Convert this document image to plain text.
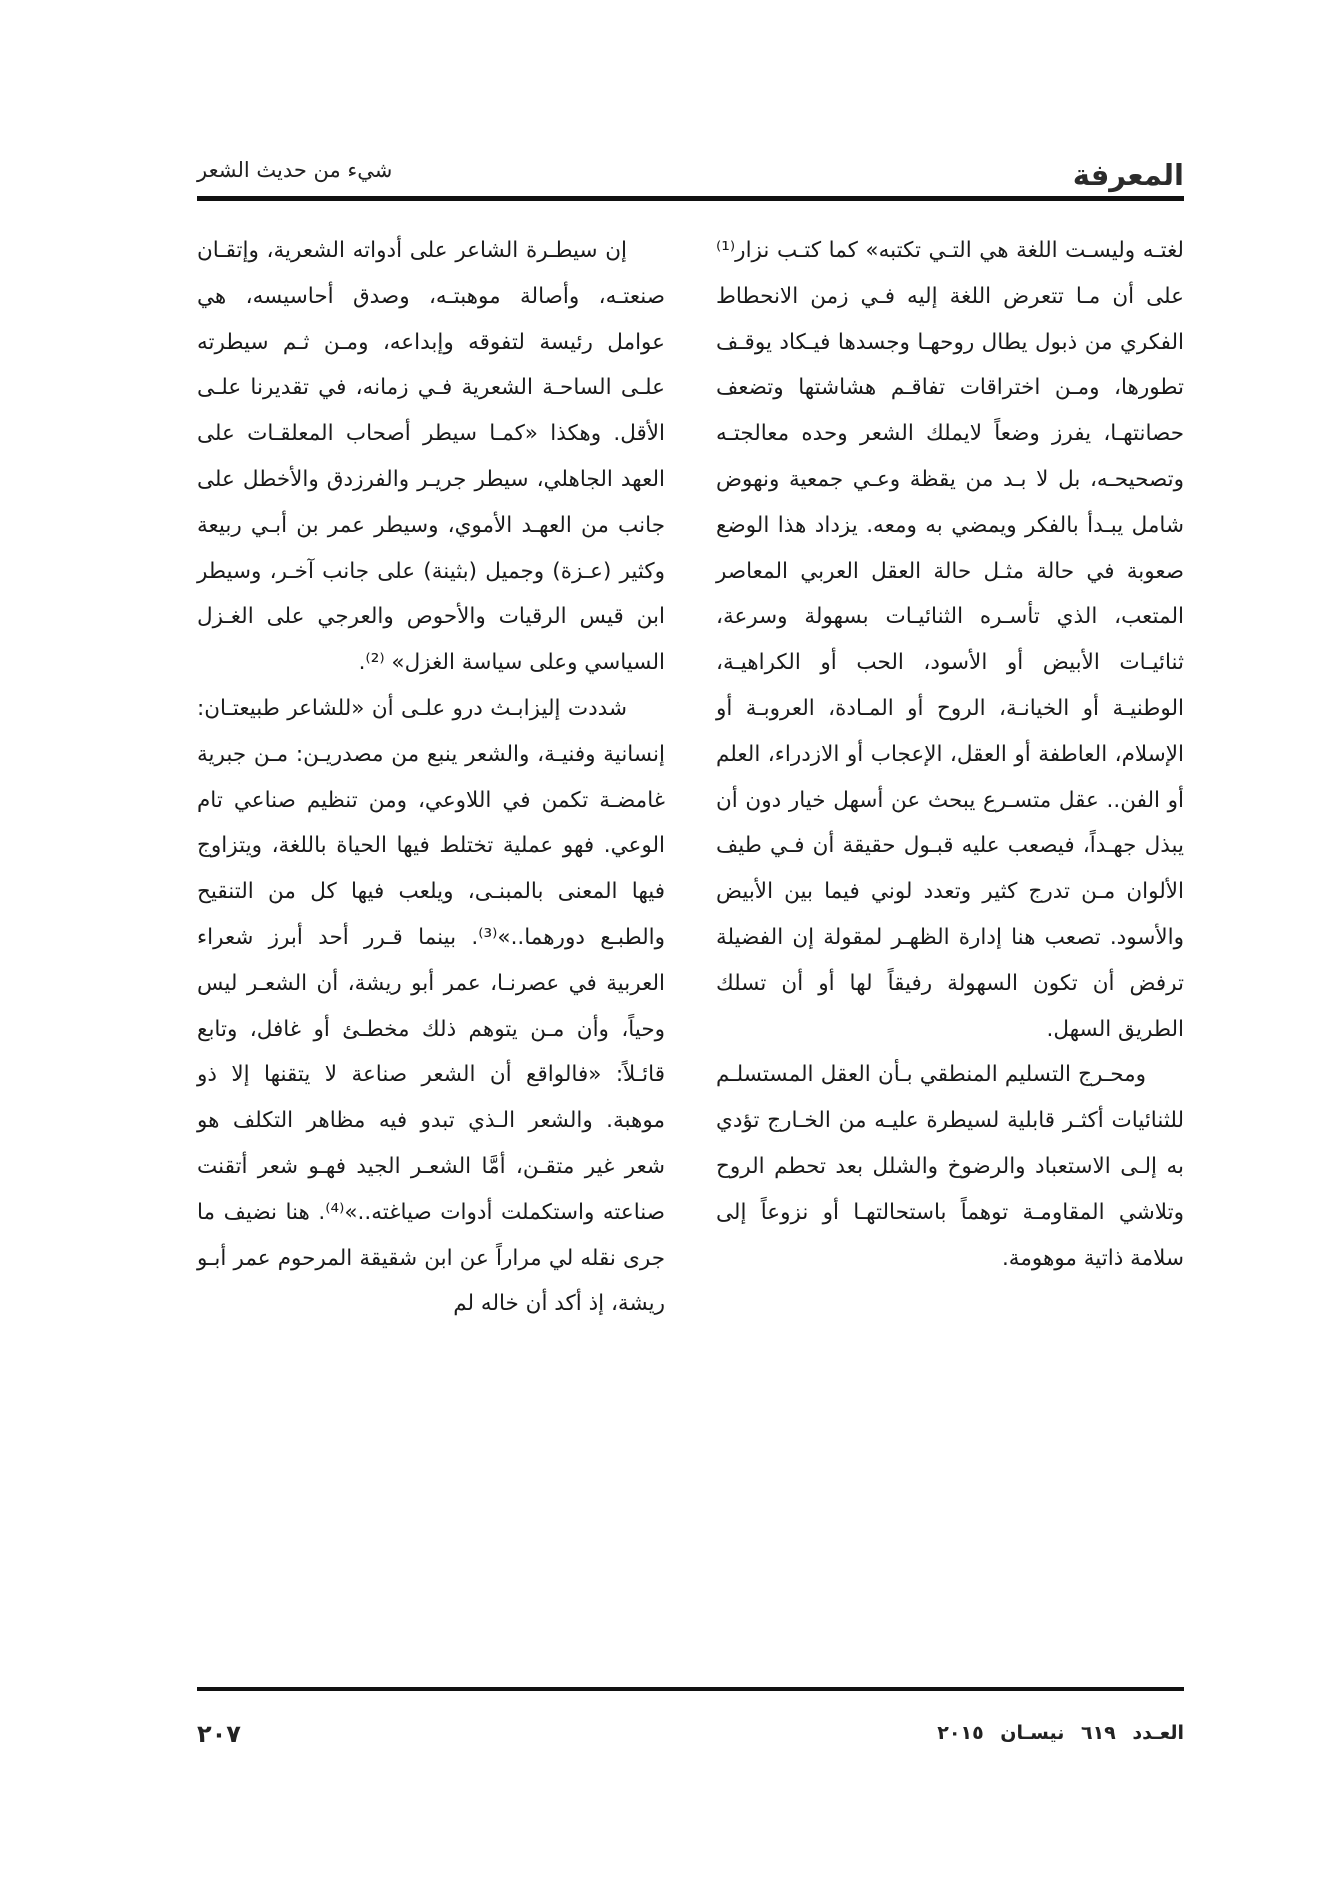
المعرفة
شيء من حديث الشعر

لغتـه وليسـت اللغة هي التـي تكتبه» كما كتـب نزار⁽¹⁾ على أن مـا تتعرض اللغة إليه فـي زمن الانحطاط الفكري من ذبول يطال روحهـا وجسدها فيـكاد يوقـف تطورها، ومـن اختراقات تفاقـم هشاشتها وتضعف حصانتهـا، يفرز وضعاً لايملك الشعر وحده معالجتـه وتصحيحـه، بل لا بـد من يقظة وعـي جمعية ونهوض شامل يبـدأ بالفكر ويمضي به ومعه. يزداد هذا الوضع صعوبة في حالة مثـل حالة العقل العربي المعاصر المتعب، الذي تأسـره الثنائيـات بسهولة وسرعة، ثنائيـات الأبيض أو الأسود، الحب أو الكراهيـة، الوطنيـة أو الخيانـة، الروح أو المـادة، العروبـة أو الإسلام، العاطفة أو العقل، الإعجاب أو الازدراء، العلم أو الفن.. عقل متسـرع يبحث عن أسهل خيار دون أن يبذل جهـداً، فيصعب عليه قبـول حقيقة أن فـي طيف الألوان مـن تدرج كثير وتعدد لوني فيما بين الأبيض والأسود. تصعب هنا إدارة الظهـر لمقولة إن الفضيلة ترفض أن تكون السهولة رفيقاً لها أو أن تسلك الطريق السهل.

ومحـرج التسليم المنطقي بـأن العقل المستسلـم للثنائيات أكثـر قابلية لسيطرة عليـه من الخـارج تؤدي به إلـى الاستعباد والرضوخ والشلل بعد تحطم الروح وتلاشي المقاومـة توهماً باستحالتهـا أو نزوعاً إلى سلامة ذاتية موهومة.

إن سيطـرة الشاعر على أدواته الشعرية، وإتقـان صنعتـه، وأصالة موهبتـه، وصدق أحاسيسه، هي عوامل رئيسة لتفوقه وإبداعه، ومـن ثـم سيطرته علـى الساحـة الشعرية فـي زمانه، في تقديرنا علـى الأقل. وهكذا «كمـا سيطر أصحاب المعلقـات على العهد الجاهلي، سيطر جريـر والفرزدق والأخطل على جانب من العهـد الأموي، وسيطر عمر بن أبـي ربيعة وكثير (عـزة) وجميل (بثينة) على جانب آخـر، وسيطر ابن قيس الرقيات والأحوص والعرجي على الغـزل السياسي وعلى سياسة الغزل» ⁽²⁾.

شددت إليزابـث درو علـى أن «للشاعر طبيعتـان: إنسانية وفنيـة، والشعر ينبع من مصدريـن: مـن جبرية غامضـة تكمن في اللاوعي، ومن تنظيم صناعي تام الوعي. فهو عملية تختلط فيها الحياة باللغة، ويتزاوج فيها المعنى بالمبنـى، ويلعب فيها كل من التنقيح والطبـع دورهما..»⁽³⁾. بينما قـرر أحد أبرز شعراء العربية في عصرنـا، عمر أبو ريشة، أن الشعـر ليس وحياً، وأن مـن يتوهم ذلك مخطـئ أو غافل، وتابع قائـلاً: «فالواقع أن الشعر صناعة لا يتقنها إلا ذو موهبة. والشعر الـذي تبدو فيه مظاهر التكلف هو شعر غير متقـن، أمَّا الشعـر الجيد فهـو شعر أتقنت صناعته واستكملت أدوات صياغته..»⁽⁴⁾. هنا نضيف ما جرى نقله لي مراراً عن ابن شقيقة المرحوم عمر أبـو ريشة، إذ أكد أن خاله لم

العـدد ٦١٩ نيسـان ٢٠١٥
٢٠٧
